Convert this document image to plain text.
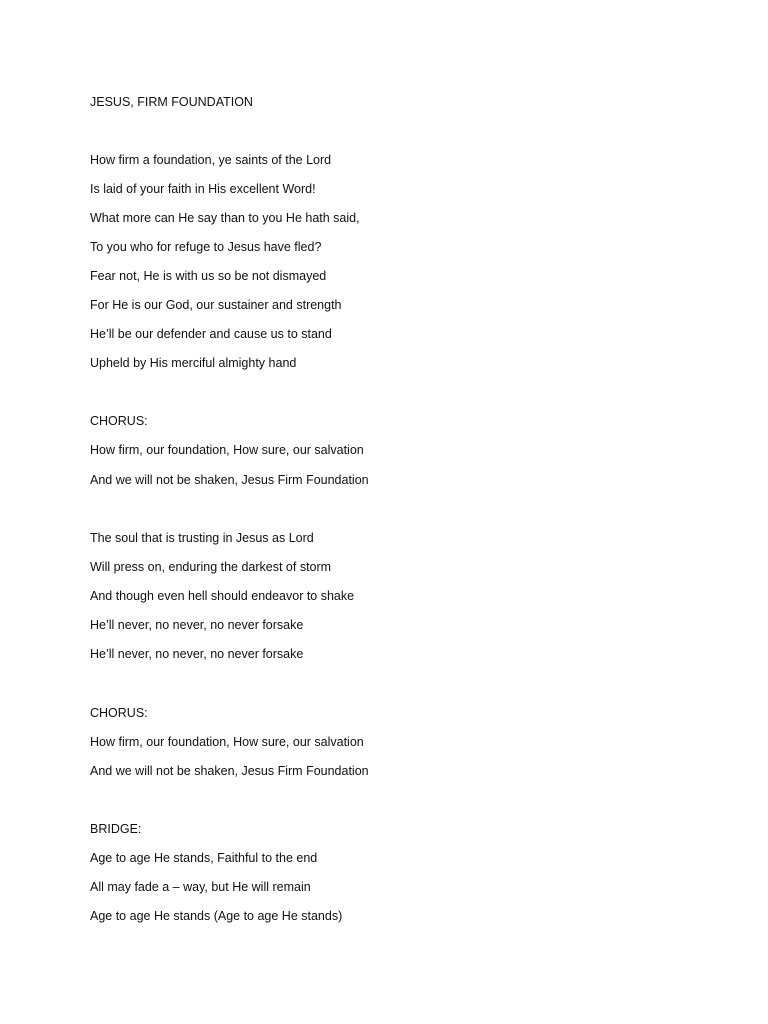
JESUS, FIRM FOUNDATION
How firm a foundation, ye saints of the Lord
Is laid of your faith in His excellent Word!
What more can He say than to you He hath said,
To you who for refuge to Jesus have fled?
Fear not, He is with us so be not dismayed
For He is our God, our sustainer and strength
He’ll be our defender and cause us to stand
Upheld by His merciful almighty hand
CHORUS:
How firm, our foundation, How sure, our salvation
And we will not be shaken, Jesus Firm Foundation
The soul that is trusting in Jesus as Lord
Will press on, enduring the darkest of storm
And though even hell should endeavor to shake
He’ll never, no never, no never forsake
He’ll never, no never, no never forsake
CHORUS:
How firm, our foundation, How sure, our salvation
And we will not be shaken, Jesus Firm Foundation
BRIDGE:
Age to age He stands, Faithful to the end
All may fade a – way, but He will remain
Age to age He stands (Age to age He stands)
